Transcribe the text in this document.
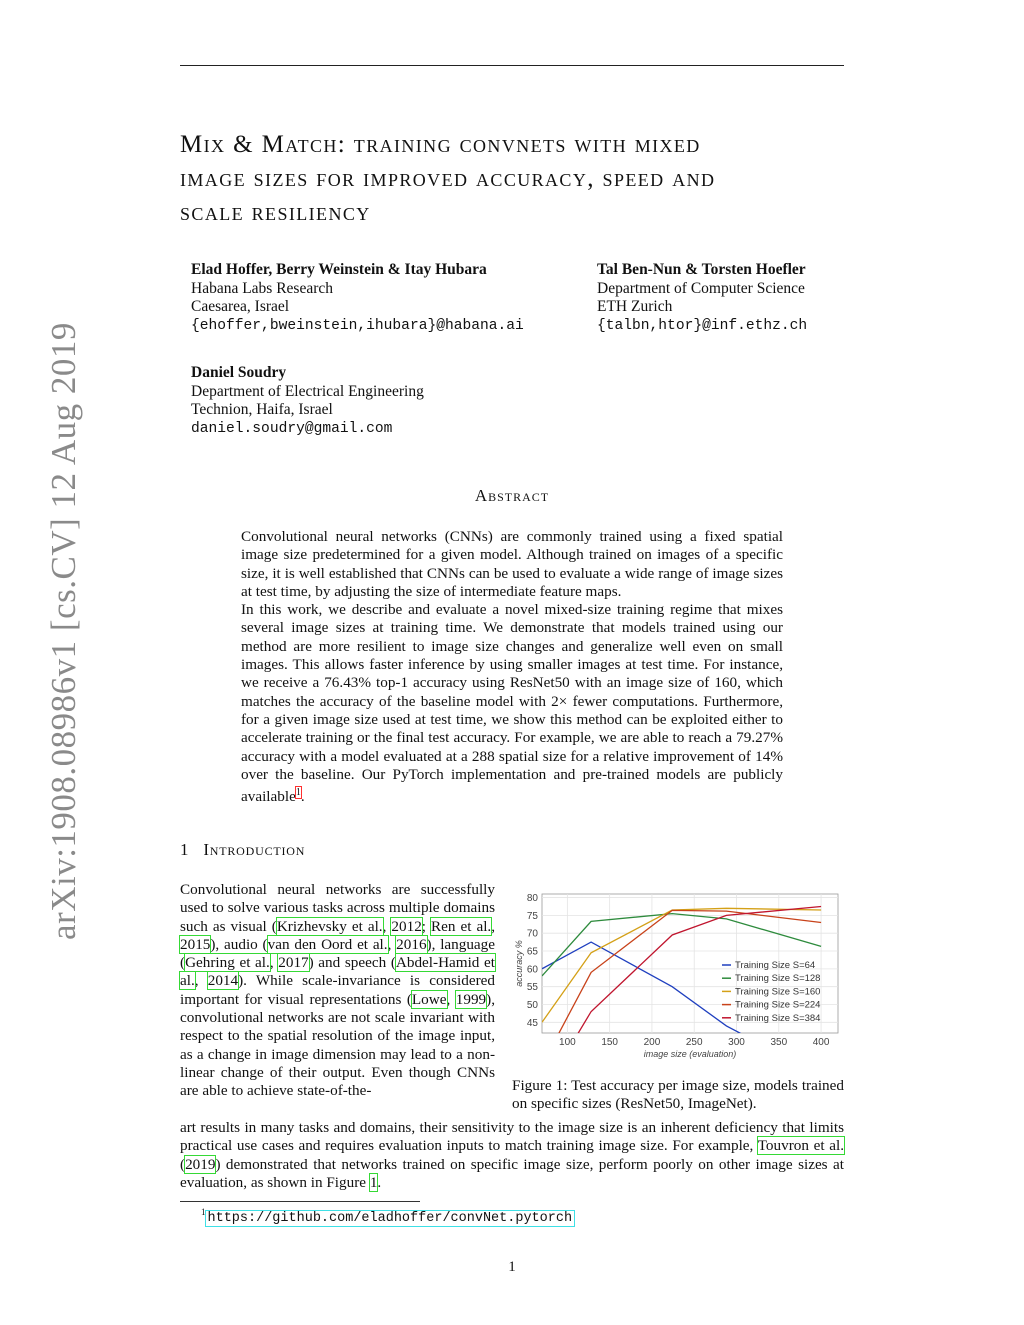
arXiv:1908.08986v1 [cs.CV] 12 Aug 2019
Mix & Match: training convnets with mixed
image sizes for improved accuracy, speed and
scale resiliency
Elad Hoffer, Berry Weinstein & Itay Hubara
Habana Labs Research
Caesarea, Israel
{ehoffer,bweinstein,ihubara}@habana.ai
Tal Ben-Nun & Torsten Hoefler
Department of Computer Science
ETH Zurich
{talbn,htor}@inf.ethz.ch
Daniel Soudry
Department of Electrical Engineering
Technion, Haifa, Israel
daniel.soudry@gmail.com
Abstract

Convolutional neural networks (CNNs) are commonly trained using a fixed spatial image size predetermined for a given model. Although trained on images of a specific size, it is well established that CNNs can be used to evaluate a wide range of image sizes at test time, by adjusting the size of intermediate feature maps.

In this work, we describe and evaluate a novel mixed-size training regime that mixes several image sizes at training time. We demonstrate that models trained using our method are more resilient to image size changes and generalize well even on small images. This allows faster inference by using smaller images at test time. For instance, we receive a 76.43% top-1 accuracy using ResNet50 with an image size of 160, which matches the accuracy of the baseline model with 2× fewer computations. Furthermore, for a given image size used at test time, we show this method can be exploited either to accelerate training or the final test accuracy. For example, we are able to reach a 79.27% accuracy with a model evaluated at a 288 spatial size for a relative improvement of 14% over the baseline. Our PyTorch implementation and pre-trained models are publicly available$^1$.

1 Introduction
Convolutional neural networks are successfully used to solve various tasks across multiple domains such as visual (Krizhevsky et al., 2012; Ren et al., 2015), audio (van den Oord et al., 2016), language (Gehring et al., 2017) and speech (Abdel-Hamid et al., 2014). While scale-invariance is considered important for visual representations (Lowe, 1999), convolutional networks are not scale invariant with respect to the spatial resolution of the image input, as a change in image dimension may lead to a non-linear change of their output. Even though CNNs are able to achieve state-of-the-
art results in many tasks and domains, their sensitivity to the image size is an inherent deficiency that limits practical use cases and requires evaluation inputs to match training image size. For example, Touvron et al. (2019) demonstrated that networks trained on specific image size, perform poorly on other image sizes at evaluation, as shown in Figure 1.
45
50
55
60
65
70
75
80
100	150	200	250	300	350	400
Training Size S=64
Training Size S=128
Training Size S=160
Training Size S=224
Training Size S=384
image size (evaluation)
accuracy %
Figure 1: Test accuracy per image size, models trained on specific sizes (ResNet50, ImageNet).
$^1$ https://github.com/eladhoffer/convNet.pytorch
1
